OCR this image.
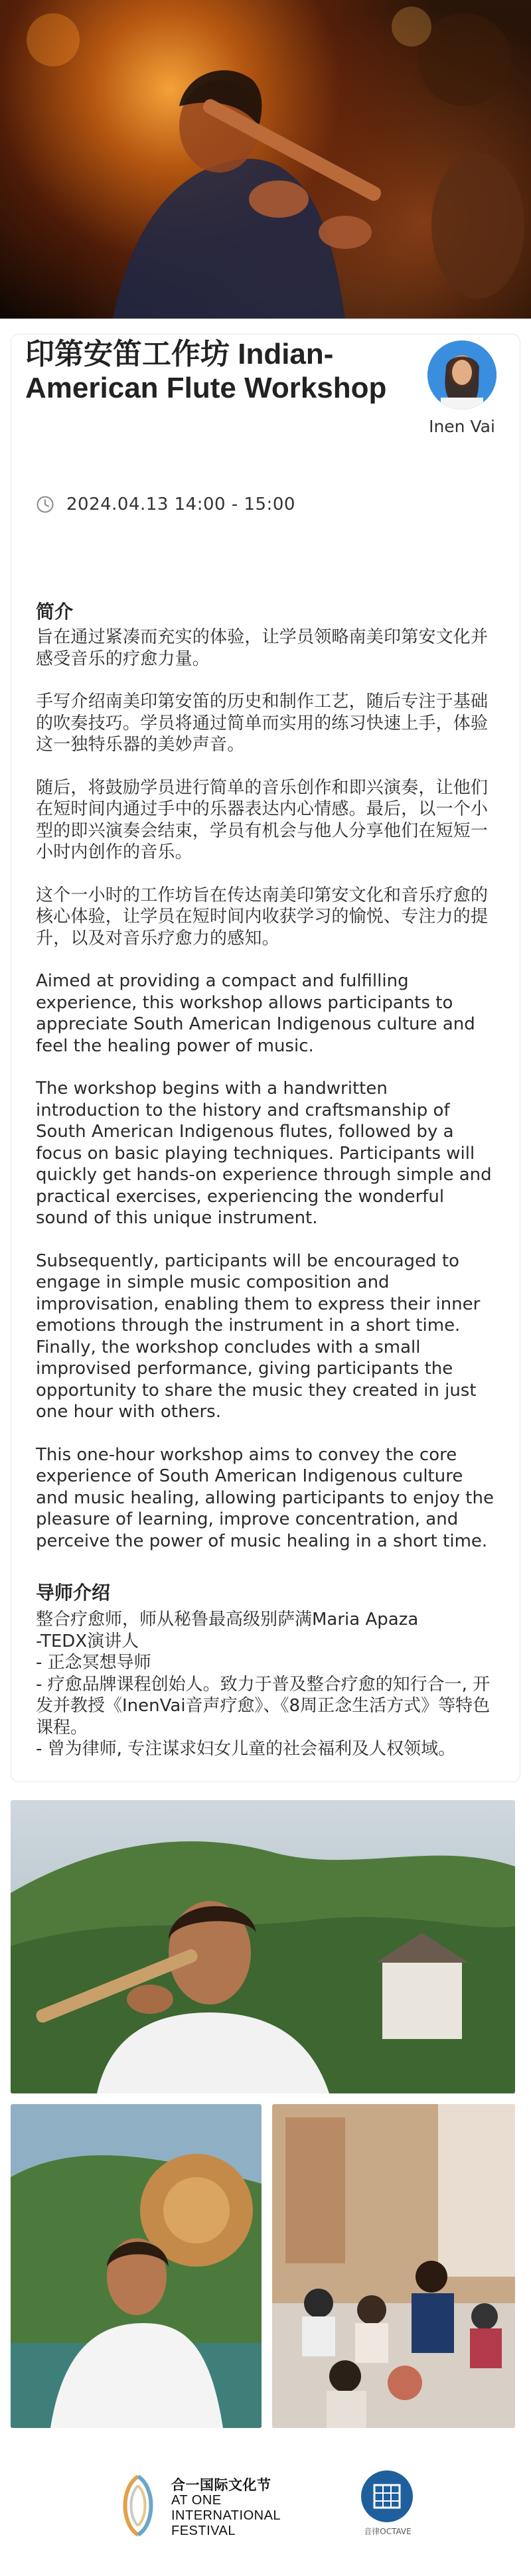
印第安笛工作坊 Indian-American Flute Workshop
Inen Vai
2024.04.13 14:00 - 15:00
简介

旨在通过紧凑而充实的体验，让学员领略南美印第安文化并感受音乐的疗愈力量。

手写介绍南美印第安笛的历史和制作工艺，随后专注于基础的吹奏技巧。学员将通过简单而实用的练习快速上手，体验这一独特乐器的美妙声音。

随后，将鼓励学员进行简单的音乐创作和即兴演奏，让他们在短时间内通过手中的乐器表达内心情感。最后，以一个小型的即兴演奏会结束，学员有机会与他人分享他们在短短一小时内创作的音乐。

这个一小时的工作坊旨在传达南美印第安文化和音乐疗愈的核心体验，让学员在短时间内收获学习的愉悦、专注力的提升，以及对音乐疗愈力的感知。

Aimed at providing a compact and fulfilling experience, this workshop allows participants to appreciate South American Indigenous culture and feel the healing power of music.

The workshop begins with a handwritten introduction to the history and craftsmanship of South American Indigenous flutes, followed by a focus on basic playing techniques. Participants will quickly get hands-on experience through simple and practical exercises, experiencing the wonderful sound of this unique instrument.

Subsequently, participants will be encouraged to engage in simple music composition and improvisation, enabling them to express their inner emotions through the instrument in a short time. Finally, the workshop concludes with a small improvised performance, giving participants the opportunity to share the music they created in just one hour with others.

This one-hour workshop aims to convey the core experience of South American Indigenous culture and music healing, allowing participants to enjoy the pleasure of learning, improve concentration, and perceive the power of music healing in a short time.

导师介绍

整合疗愈师，师从秘鲁最高级别萨满Maria Apaza

-TEDX演讲人

- 正念冥想导师

- 疗愈品牌课程创始人。致力于普及整合疗愈的知行合一, 开发并教授《InenVai音声疗愈》、《8周正念生活方式》等特色课程。

- 曾为律师, 专注谋求妇女儿童的社会福利及人权领域。

合一国际文化节
AT ONE
INTERNATIONAL
FESTIVAL	音律OCTAVE
